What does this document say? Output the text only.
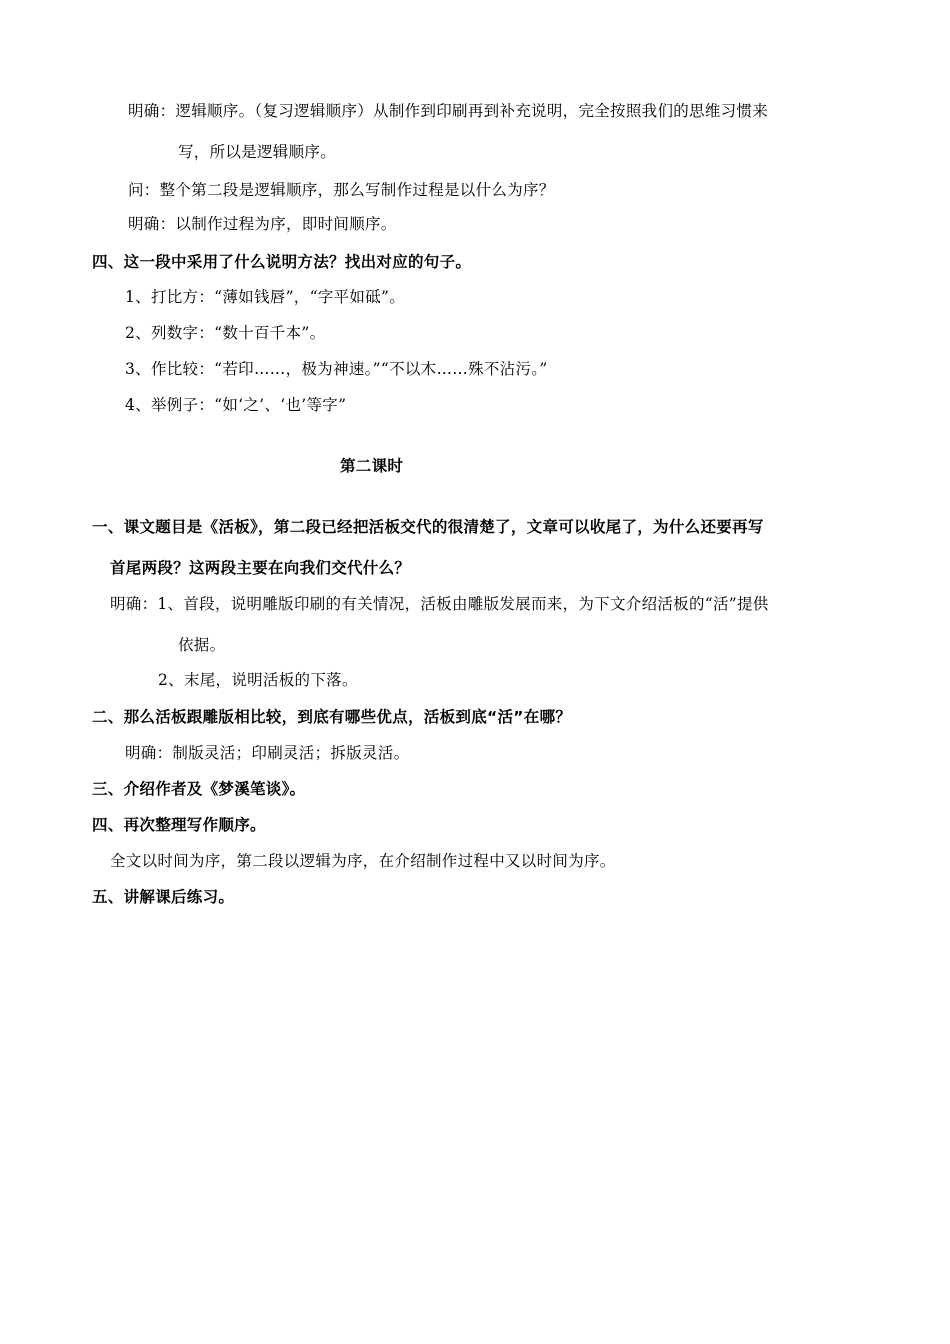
明确：逻辑顺序。（复习逻辑顺序）从制作到印刷再到补充说明，完全按照我们的思维习惯来
写，所以是逻辑顺序。
问：整个第二段是逻辑顺序，那么写制作过程是以什么为序？
明确：以制作过程为序，即时间顺序。
四、这一段中采用了什么说明方法？找出对应的句子。
1、打比方：“薄如钱唇”，“字平如砥”。
2、列数字：“数十百千本”。
3、作比较：“若印……，极为神速。”“不以木……殊不沾污。”
4、举例子：“如‘之’、‘也’等字”
第二课时
一、课文题目是《活板》，第二段已经把活板交代的很清楚了，文章可以收尾了，为什么还要再写
首尾两段？这两段主要在向我们交代什么？
明确：1、首段，说明雕版印刷的有关情况，活板由雕版发展而来，为下文介绍活板的“活”提供
依据。
2、末尾，说明活板的下落。
二、那么活板跟雕版相比较，到底有哪些优点，活板到底“活”在哪？
明确：制版灵活；印刷灵活；拆版灵活。
三、介绍作者及《梦溪笔谈》。
四、再次整理写作顺序。
全文以时间为序，第二段以逻辑为序，在介绍制作过程中又以时间为序。
五、讲解课后练习。
